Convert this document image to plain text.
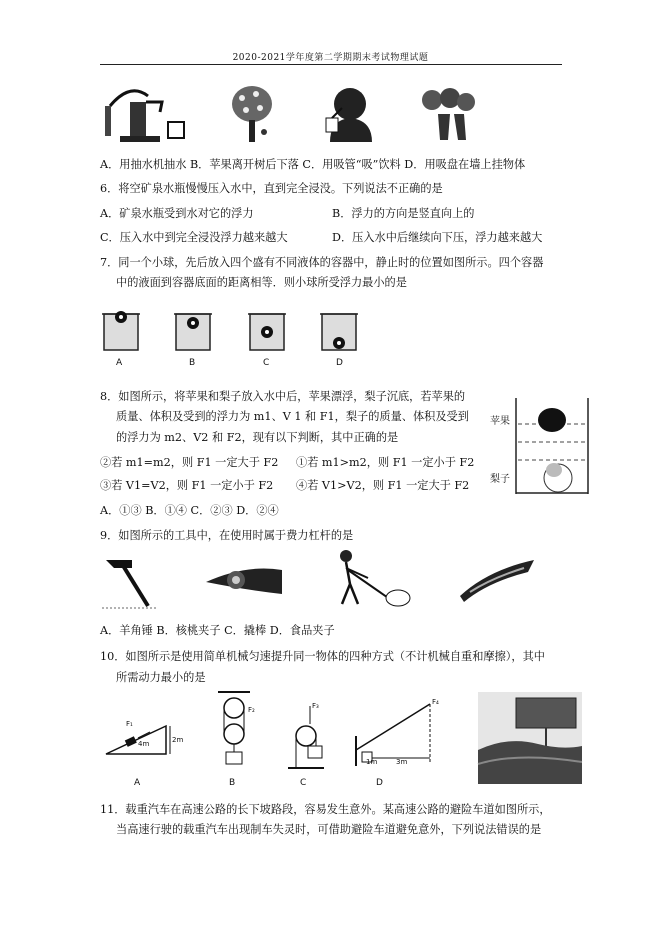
2020-2021学年度第二学期期末考试物理试题
A．用抽水机抽水 B．苹果离开树后下落 C．用吸管“吸”饮料 D．用吸盘在墙上挂物体
6．将空矿泉水瓶慢慢压入水中，直到完全浸没。下列说法不正确的是
A．矿泉水瓶受到水对它的浮力	B．浮力的方向是竖直向上的
C．压入水中到完全浸没浮力越来越大	D．压入水中后继续向下压，浮力越来越大
7．同一个小球，先后放入四个盛有不同液体的容器中，静止时的位置如图所示。四个容器
中的液面到容器底面的距离相等．则小球所受浮力最小的是
A	B	C	D
8．如图所示，将苹果和梨子放入水中后，苹果漂浮，梨子沉底，若苹果的
质量、体积及受到的浮力为 m1、V 1 和 F1，梨子的质量、体积及受到
的浮力为 m2、V2 和 F2，现有以下判断，其中正确的是
②若 m1=m2，则 F1 一定大于 F2 ①若 m1>m2，则 F1 一定小于 F2
③若 V1=V2，则 F1 一定小于 F2 ④若 V1>V2，则 F1 一定大于 F2
A．①③ B．①④ C．②③ D．②④
苹果
梨子
9．如图所示的工具中，在使用时属于费力杠杆的是
A．羊角锤 B．核桃夹子 C．撬棒 D．食品夹子
10．如图所示是使用简单机械匀速提升同一物体的四种方式（不计机械自重和摩擦），其中
所需动力最小的是
F₁
4m	2m
F₂	F₃	F₄
1m	3m
A	B	C	D
11．载重汽车在高速公路的长下坡路段，容易发生意外。某高速公路的避险车道如图所示，
当高速行驶的载重汽车出现制车失灵时，可借助避险车道避免意外，下列说法错误的是
